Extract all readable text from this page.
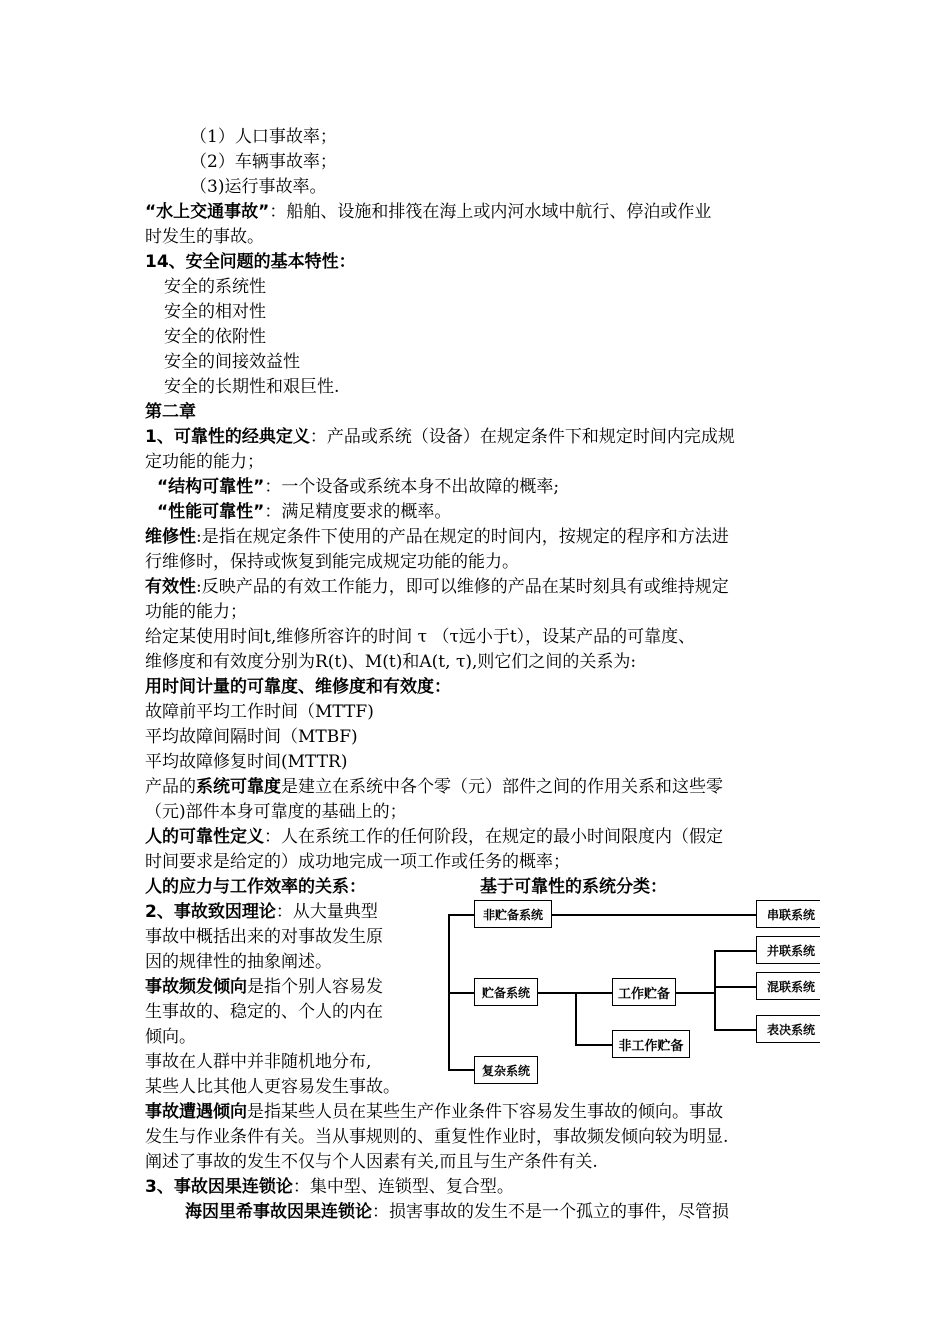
（1）人口事故率；
（2）车辆事故率；
（3)运行事故率。
“水上交通事故”：船舶、设施和排筏在海上或内河水域中航行、停泊或作业
时发生的事故。
14、安全问题的基本特性：
安全的系统性
安全的相对性
安全的依附性
安全的间接效益性
安全的长期性和艰巨性.
第二章
1、可靠性的经典定义：产品或系统（设备）在规定条件下和规定时间内完成规
定功能的能力；
“结构可靠性”：一个设备或系统本身不出故障的概率;
“性能可靠性”：满足精度要求的概率。
维修性:是指在规定条件下使用的产品在规定的时间内，按规定的程序和方法进
行维修时，保持或恢复到能完成规定功能的能力。
有效性:反映产品的有效工作能力，即可以维修的产品在某时刻具有或维持规定
功能的能力；
给定某使用时间t,维修所容许的时间 τ （τ远小于t），设某产品的可靠度、
维修度和有效度分别为R(t)、M(t)和A(t, τ),则它们之间的关系为:
用时间计量的可靠度、维修度和有效度：
故障前平均工作时间（MTTF)
平均故障间隔时间（MTBF)
平均故障修复时间(MTTR)
产品的系统可靠度是建立在系统中各个零（元）部件之间的作用关系和这些零
（元)部件本身可靠度的基础上的；
人的可靠性定义：人在系统工作的任何阶段，在规定的最小时间限度内（假定
时间要求是给定的）成功地完成一项工作或任务的概率；
人的应力与工作效率的关系：	基于可靠性的系统分类：
2、事故致因理论：从大量典型
事故中概括出来的对事故发生原
因的规律性的抽象阐述。
事故频发倾向是指个别人容易发
生事故的、稳定的、个人的内在
倾向。
事故在人群中并非随机地分布,
某些人比其他人更容易发生事故。
事故遭遇倾向是指某些人员在某些生产作业条件下容易发生事故的倾向。事故
发生与作业条件有关。当从事规则的、重复性作业时，事故频发倾向较为明显.
阐述了事故的发生不仅与个人因素有关,而且与生产条件有关.
3、事故因果连锁论：集中型、连锁型、复合型。
海因里希事故因果连锁论：损害事故的发生不是一个孤立的事件，尽管损
非贮备系统
贮备系统
复杂系统
工作贮备
非工作贮备
串联系统
并联系统
混联系统
表决系统
